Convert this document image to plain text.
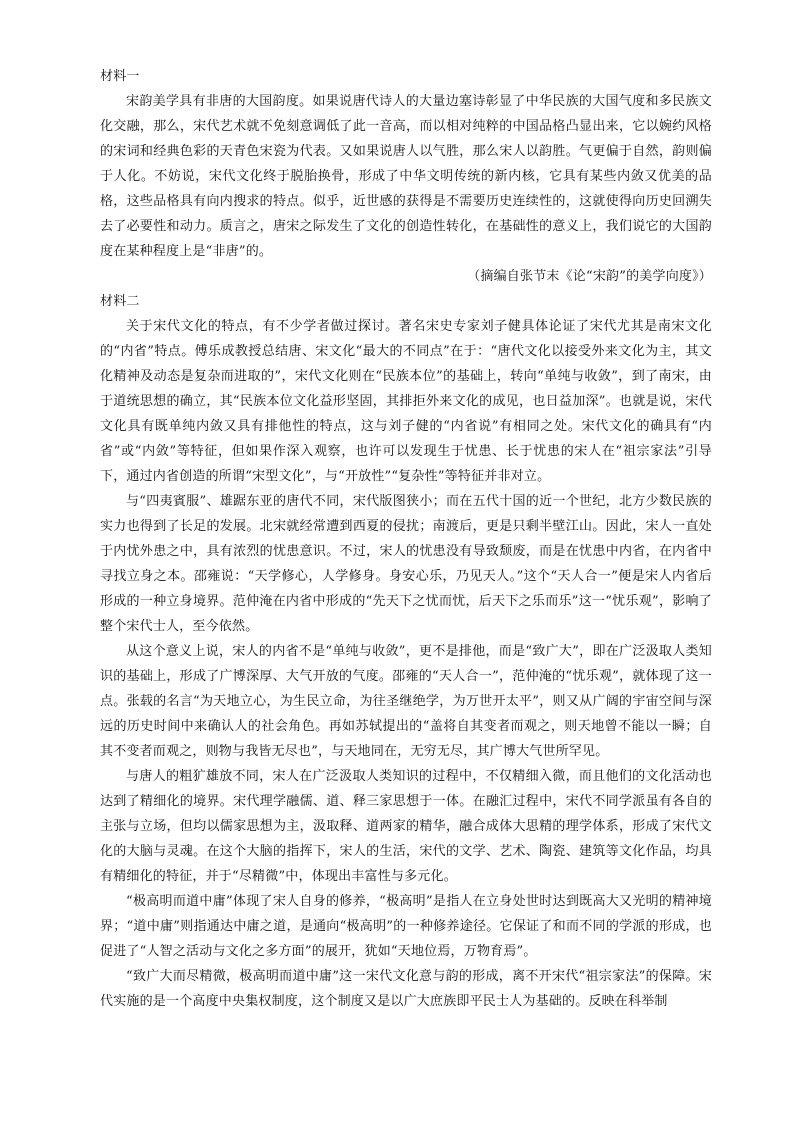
材料一

宋韵美学具有非唐的大国韵度。如果说唐代诗人的大量边塞诗彰显了中华民族的大国气度和多民族文化交融，那么，宋代艺术就不免刻意调低了此一音高，而以相对纯粹的中国品格凸显出来，它以婉约风格的宋词和经典色彩的天青色宋瓷为代表。又如果说唐人以气胜，那么宋人以韵胜。气更偏于自然，韵则偏于人化。不妨说，宋代文化终于脱胎换骨，形成了中华文明传统的新内核，它具有某些内敛又优美的品格，这些品格具有向内搜求的特点。似乎，近世感的获得是不需要历史连续性的，这就使得向历史回溯失去了必要性和动力。质言之，唐宋之际发生了文化的创造性转化，在基础性的意义上，我们说它的大国韵度在某种程度上是“非唐”的。

（摘编自张节末《论“宋韵”的美学向度》）

材料二

关于宋代文化的特点，有不少学者做过探讨。著名宋史专家刘子健具体论证了宋代尤其是南宋文化的“内省”特点。傅乐成教授总结唐、宋文化“最大的不同点”在于：“唐代文化以接受外来文化为主，其文化精神及动态是复杂而进取的”，宋代文化则在“民族本位”的基础上，转向“单纯与收敛”，到了南宋，由于道统思想的确立，其“民族本位文化益形坚固，其排拒外来文化的成见，也日益加深”。也就是说，宋代文化具有既单纯内敛又具有排他性的特点，这与刘子健的“内省说”有相同之处。宋代文化的确具有“内省”或“内敛”等特征，但如果作深入观察，也许可以发现生于忧患、长于忧患的宋人在“祖宗家法”引导下，通过内省创造的所谓“宋型文化”，与“开放性”“复杂性”等特征并非对立。

与“四夷賓服”、雄踞东亚的唐代不同，宋代版图狭小；而在五代十国的近一个世纪，北方少数民族的实力也得到了长足的发展。北宋就经常遭到西夏的侵扰；南渡后，更是只剩半壁江山。因此，宋人一直处于内忧外患之中，具有浓烈的忧患意识。不过，宋人的忧患没有导致颓废，而是在忧患中内省，在内省中寻找立身之本。邵雍说：“天学修心，人学修身。身安心乐，乃见天人。”这个“天人合一”便是宋人内省后形成的一种立身境界。范仲淹在内省中形成的“先天下之忧而忧，后天下之乐而乐”这一“忧乐观”，影响了整个宋代士人，至今依然。

从这个意义上说，宋人的内省不是“单纯与收敛”，更不是排他，而是“致广大”，即在广泛汲取人类知识的基础上，形成了广博深厚、大气开放的气度。邵雍的“天人合一”，范仲淹的“忧乐观”，就体现了这一点。张载的名言“为天地立心，为生民立命，为往圣继绝学，为万世开太平”，则又从广阔的宇宙空间与深远的历史时间中来确认人的社会角色。再如苏轼提出的“盖将自其变者而观之，则天地曾不能以一瞬；自其不变者而观之，则物与我皆无尽也”，与天地同在，无穷无尽，其广博大气世所罕见。

与唐人的粗犷雄放不同，宋人在广泛汲取人类知识的过程中，不仅精细入微，而且他们的文化活动也达到了精细化的境界。宋代理学融儒、道、释三家思想于一体。在融汇过程中，宋代不同学派虽有各自的主张与立场，但均以儒家思想为主，汲取释、道两家的精华，融合成体大思精的理学体系，形成了宋代文化的大脑与灵魂。在这个大脑的指挥下，宋人的生活，宋代的文学、艺术、陶瓷、建筑等文化作品，均具有精细化的特征，并于“尽精微”中，体现出丰富性与多元化。

“极高明而道中庸”体现了宋人自身的修养，“极高明”是指人在立身处世时达到既高大又光明的精神境界；“道中庸”则指通达中庸之道，是通向“极高明”的一种修养途径。它保证了和而不同的学派的形成，也促进了“人智之活动与文化之多方面”的展开，犹如“天地位焉，万物育焉”。

“致广大而尽精微，极高明而道中庸”这一宋代文化意与韵的形成，离不开宋代“祖宗家法”的保障。宋代实施的是一个高度中央集权制度，这个制度又是以广大庶族即平民士人为基础的。反映在科举制
